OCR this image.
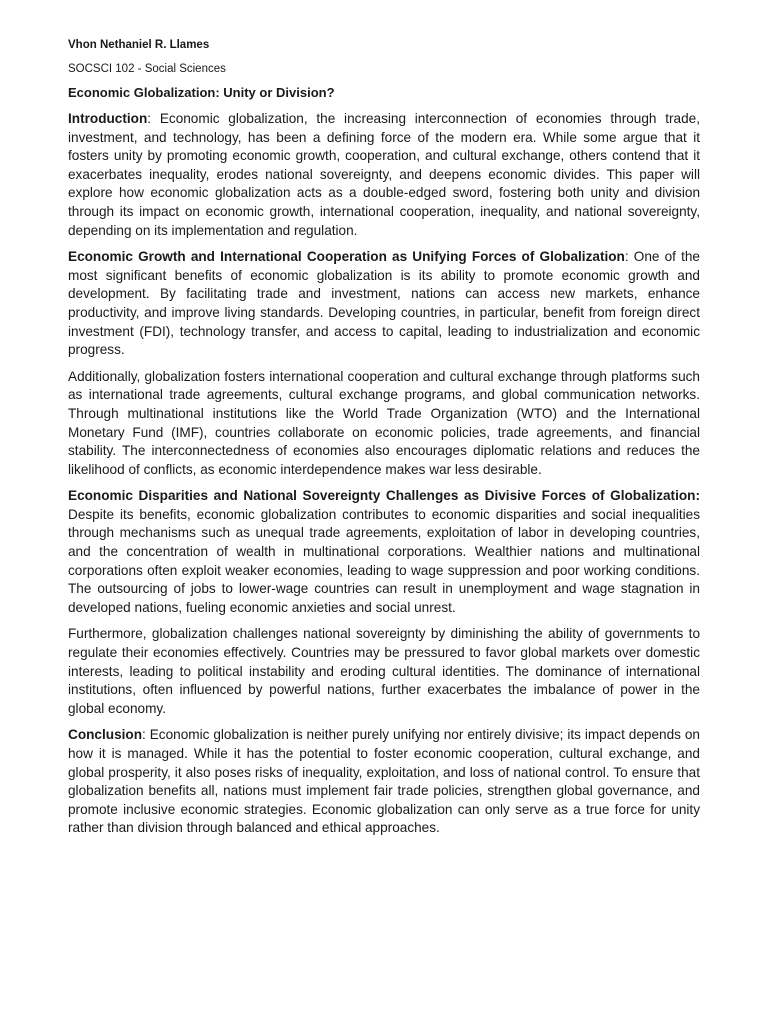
Vhon Nethaniel R. Llames
SOCSCI 102 - Social Sciences
Economic Globalization: Unity or Division?

Introduction: Economic globalization, the increasing interconnection of economies through trade, investment, and technology, has been a defining force of the modern era. While some argue that it fosters unity by promoting economic growth, cooperation, and cultural exchange, others contend that it exacerbates inequality, erodes national sovereignty, and deepens economic divides. This paper will explore how economic globalization acts as a double-edged sword, fostering both unity and division through its impact on economic growth, international cooperation, inequality, and national sovereignty, depending on its implementation and regulation.

Economic Growth and International Cooperation as Unifying Forces of Globalization: One of the most significant benefits of economic globalization is its ability to promote economic growth and development. By facilitating trade and investment, nations can access new markets, enhance productivity, and improve living standards. Developing countries, in particular, benefit from foreign direct investment (FDI), technology transfer, and access to capital, leading to industrialization and economic progress.

Additionally, globalization fosters international cooperation and cultural exchange through platforms such as international trade agreements, cultural exchange programs, and global communication networks. Through multinational institutions like the World Trade Organization (WTO) and the International Monetary Fund (IMF), countries collaborate on economic policies, trade agreements, and financial stability. The interconnectedness of economies also encourages diplomatic relations and reduces the likelihood of conflicts, as economic interdependence makes war less desirable.

Economic Disparities and National Sovereignty Challenges as Divisive Forces of Globalization: Despite its benefits, economic globalization contributes to economic disparities and social inequalities through mechanisms such as unequal trade agreements, exploitation of labor in developing countries, and the concentration of wealth in multinational corporations. Wealthier nations and multinational corporations often exploit weaker economies, leading to wage suppression and poor working conditions. The outsourcing of jobs to lower-wage countries can result in unemployment and wage stagnation in developed nations, fueling economic anxieties and social unrest.

Furthermore, globalization challenges national sovereignty by diminishing the ability of governments to regulate their economies effectively. Countries may be pressured to favor global markets over domestic interests, leading to political instability and eroding cultural identities. The dominance of international institutions, often influenced by powerful nations, further exacerbates the imbalance of power in the global economy.

Conclusion: Economic globalization is neither purely unifying nor entirely divisive; its impact depends on how it is managed. While it has the potential to foster economic cooperation, cultural exchange, and global prosperity, it also poses risks of inequality, exploitation, and loss of national control. To ensure that globalization benefits all, nations must implement fair trade policies, strengthen global governance, and promote inclusive economic strategies. Economic globalization can only serve as a true force for unity rather than division through balanced and ethical approaches.
